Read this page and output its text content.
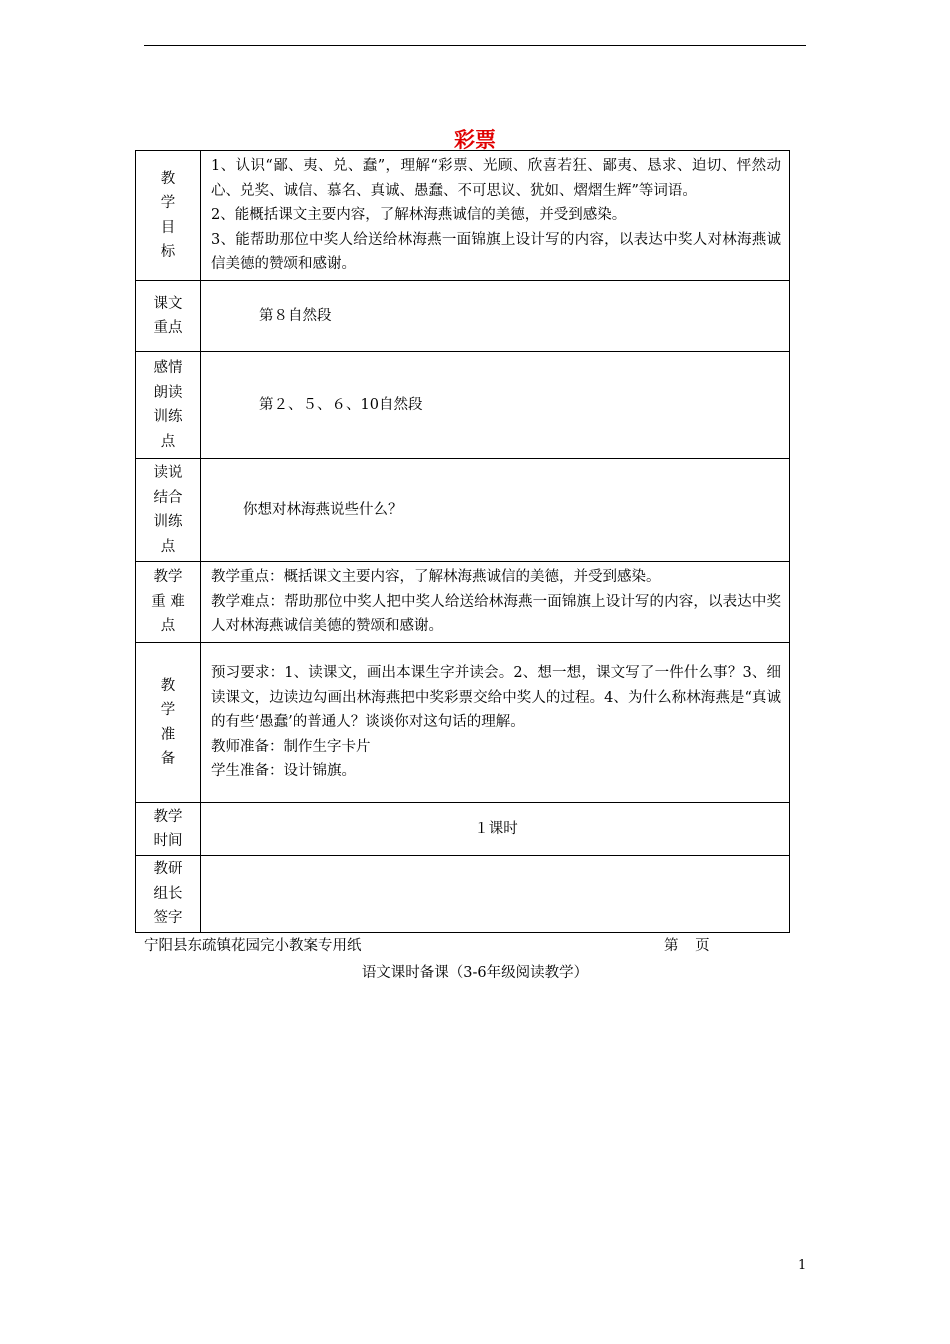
彩票
教
学
目
标	1、认识“鄙、夷、兑、蠢”，理解“彩票、光顾、欣喜若狂、鄙夷、恳求、迫切、怦然动心、兑奖、诚信、慕名、真诚、愚蠢、不可思议、犹如、熠熠生辉”等词语。
2、能概括课文主要内容，了解林海燕诚信的美德，并受到感染。
3、能帮助那位中奖人给送给林海燕一面锦旗上设计写的内容，以表达中奖人对林海燕诚信美德的赞颂和感谢。

课文
重点	第８自然段

感情
朗读
训练
点	第２、５、６、10自然段

读说
结合
训练
点	你想对林海燕说些什么？

教学
重 难
点	教学重点：概括课文主要内容，了解林海燕诚信的美德，并受到感染。
教学难点：帮助那位中奖人把中奖人给送给林海燕一面锦旗上设计写的内容，以表达中奖人对林海燕诚信美德的赞颂和感谢。

教
学
准
备	预习要求：1、读课文，画出本课生字并读会。2、想一想，课文写了一件什么事？3、细读课文，边读边勾画出林海燕把中奖彩票交给中奖人的过程。4、为什么称林海燕是“真诚的有些‘愚蠢’的普通人？谈谈你对这句话的理解。
教师准备：制作生字卡片
学生准备：设计锦旗。

教学
时间	１课时

教研
组长
签字	

宁阳县东疏镇花园完小教案专用纸	第 页
语文课时备课（3-6年级阅读教学）
1
